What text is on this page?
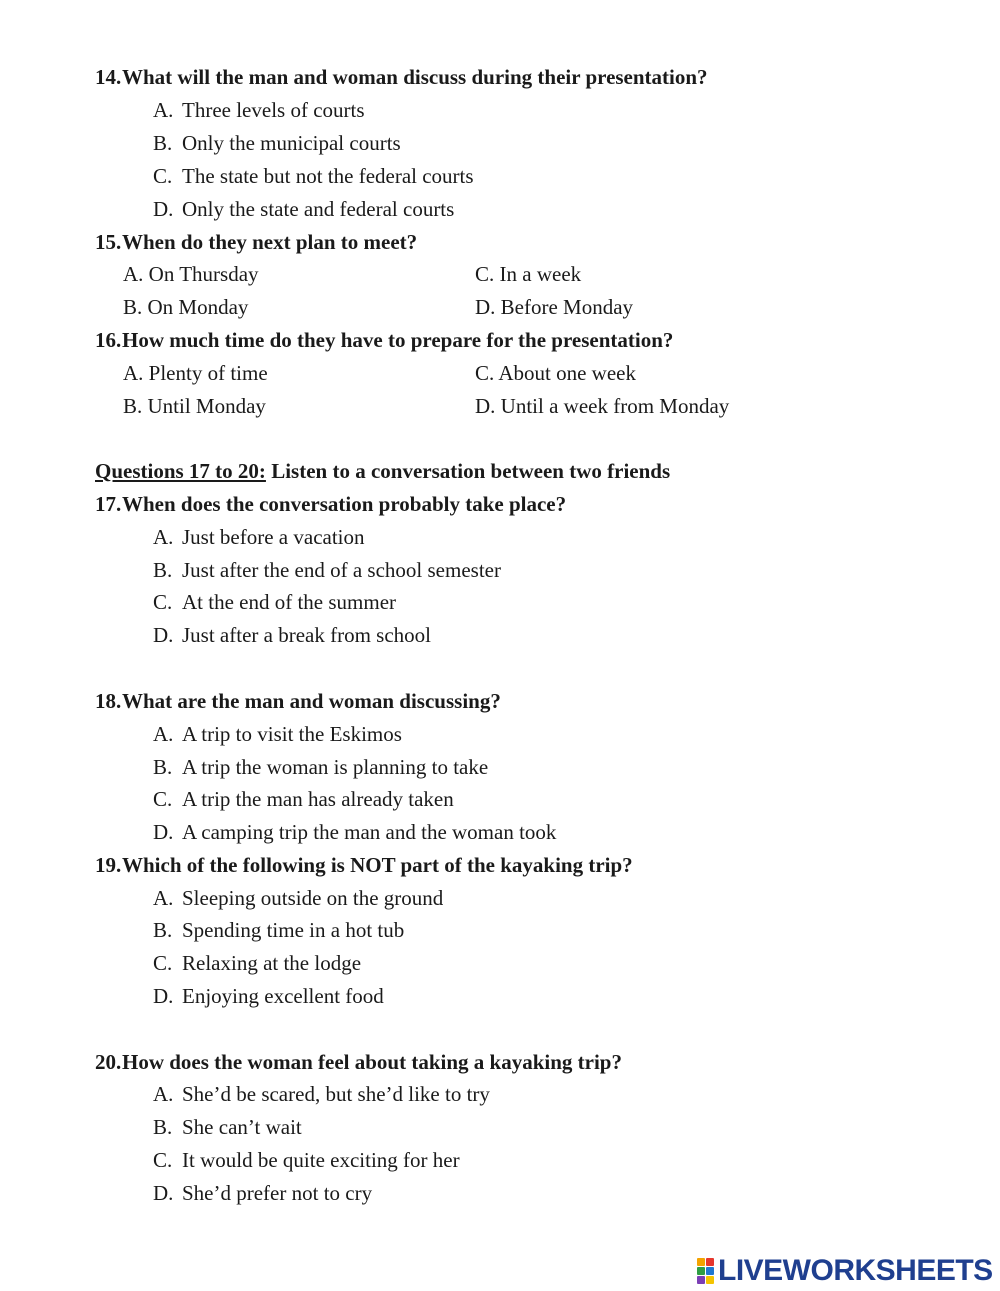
14.What will the man and woman discuss during their presentation?
A. Three levels of courts
B. Only the municipal courts
C. The state but not the federal courts
D. Only the state and federal courts
15.When do they next plan to meet?
A. On Thursday	C. In a week
B. On Monday	D. Before Monday
16.How much time do they have to prepare for the presentation?
A. Plenty of time	C. About one week
B. Until Monday	D. Until a week from Monday
Questions 17 to 20: Listen to a conversation between two friends
17.When does the conversation probably take place?
A. Just before a vacation
B. Just after the end of a school semester
C. At the end of the summer
D. Just after a break from school
18.What are the man and woman discussing?
A. A trip to visit the Eskimos
B. A trip the woman is planning to take
C. A trip the man has already taken
D. A camping trip the man and the woman took
19.Which of the following is NOT part of the kayaking trip?
A. Sleeping outside on the ground
B. Spending time in a hot tub
C. Relaxing at the lodge
D. Enjoying excellent food
20.How does the woman feel about taking a kayaking trip?
A. She’d be scared, but she’d like to try
B. She can’t wait
C. It would be quite exciting for her
D. She’d prefer not to cry
LIVEWORKSHEETS
